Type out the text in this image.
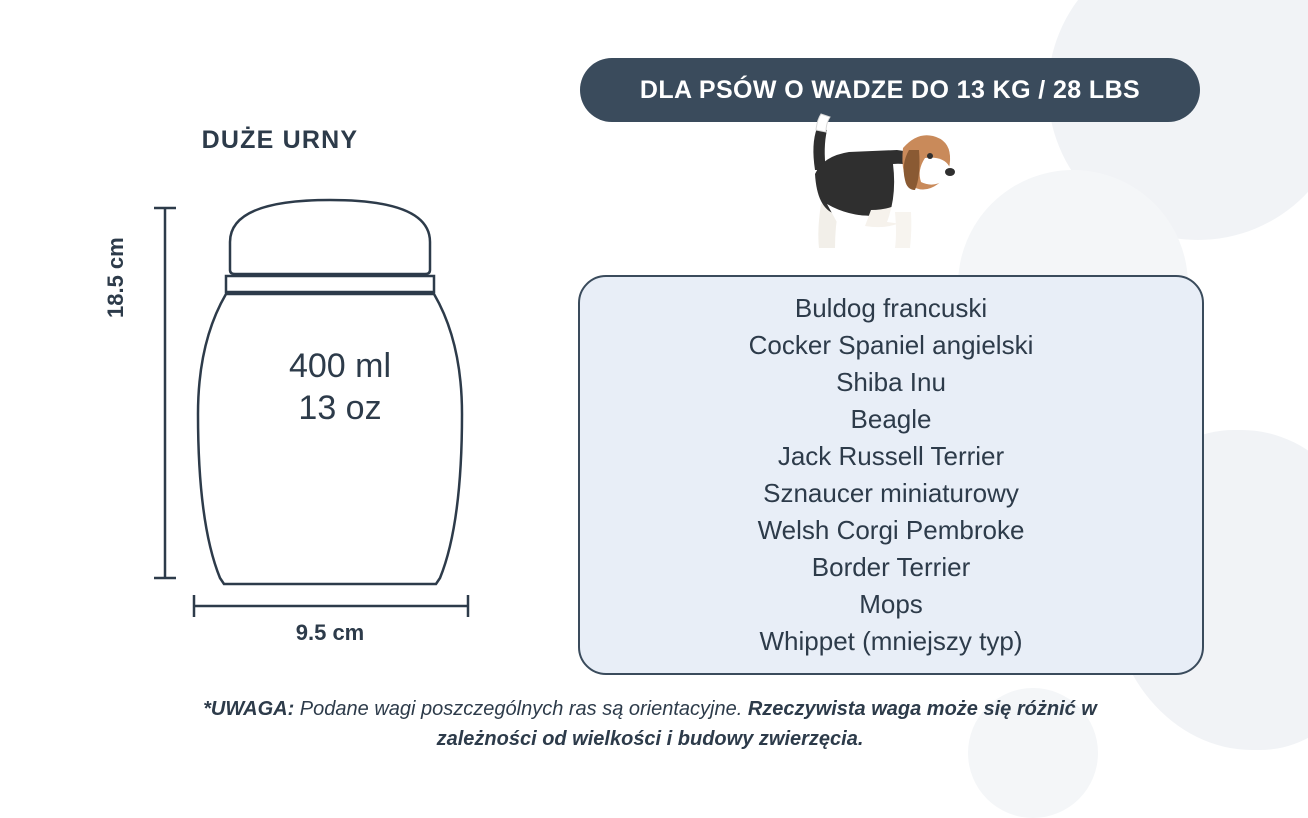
DUŻE URNY
400 ml
13 oz
18.5 cm
9.5 cm
DLA PSÓW O WADZE DO 13 KG / 28 LBS
Buldog francuski
Cocker Spaniel angielski
Shiba Inu
Beagle
Jack Russell Terrier
Sznaucer miniaturowy
Welsh Corgi Pembroke
Border Terrier
Mops
Whippet (mniejszy typ)
*UWAGA: Podane wagi poszczególnych ras są orientacyjne. Rzeczywista waga może się różnić w zależności od wielkości i budowy zwierzęcia.
